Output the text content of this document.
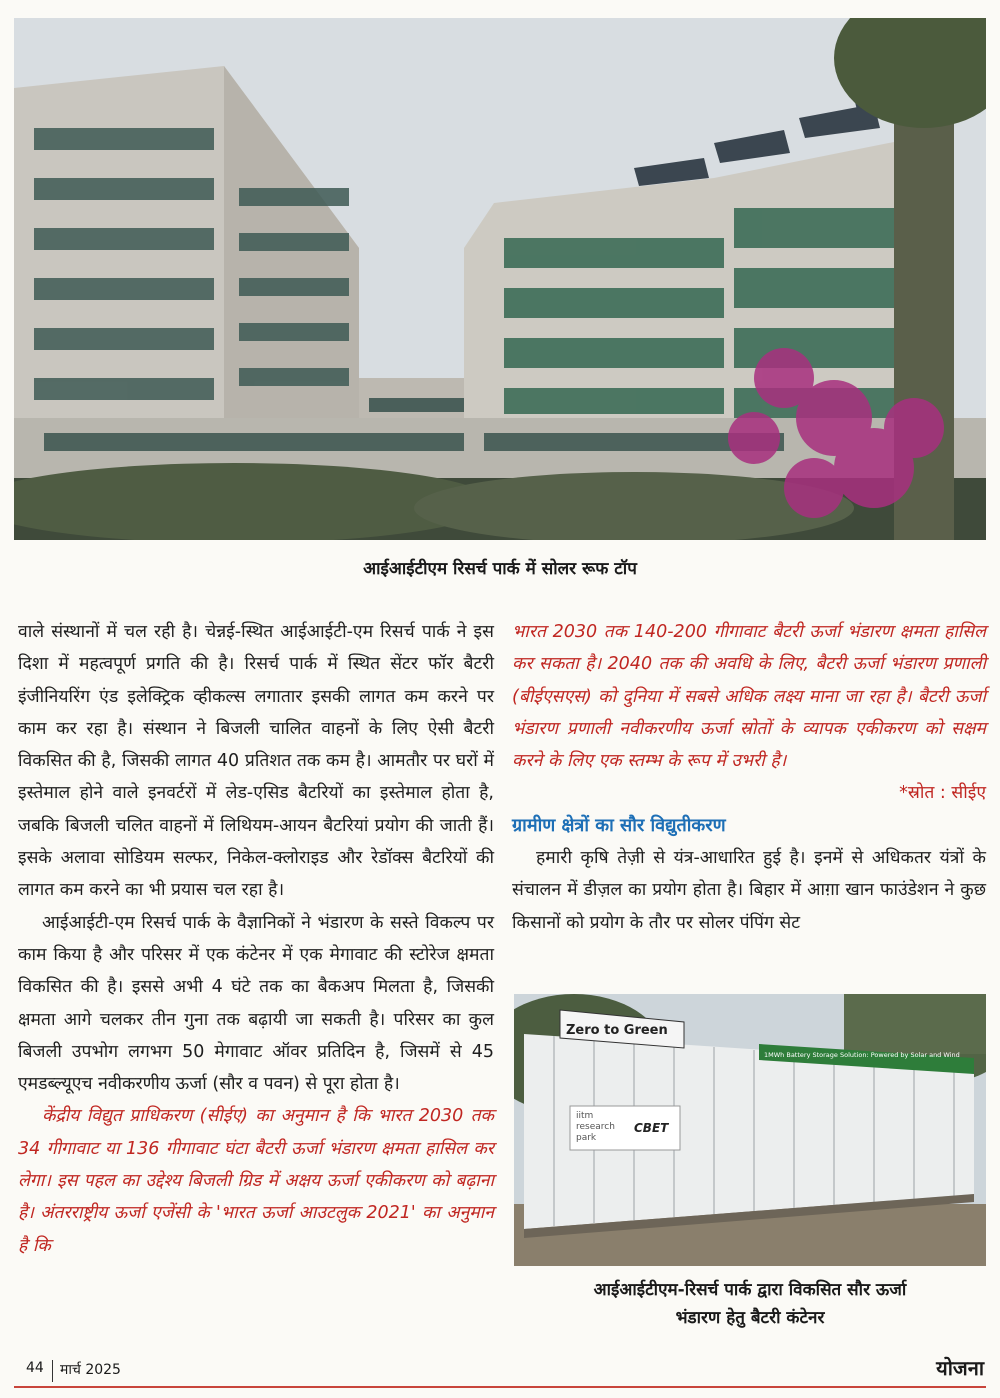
आईआईटीएम रिसर्च पार्क में सोलर रूफ टॉप

वाले संस्थानों में चल रही है। चेन्नई-स्थित आईआईटी-एम रिसर्च पार्क ने इस दिशा में महत्वपूर्ण प्रगति की है। रिसर्च पार्क में स्थित सेंटर फॉर बैटरी इंजीनियरिंग एंड इलेक्ट्रिक व्हीकल्स लगातार इसकी लागत कम करने पर काम कर रहा है। संस्थान ने बिजली चालित वाहनों के लिए ऐसी बैटरी विकसित की है, जिसकी लागत 40 प्रतिशत तक कम है। आमतौर पर घरों में इस्तेमाल होने वाले इनवर्टरों में लेड-एसिड बैटरियों का इस्तेमाल होता है, जबकि बिजली चलित वाहनों में लिथियम-आयन बैटरियां प्रयोग की जाती हैं। इसके अलावा सोडियम सल्फर, निकेल-क्लोराइड और रेडॉक्स बैटरियों की लागत कम करने का भी प्रयास चल रहा है।

आईआईटी-एम रिसर्च पार्क के वैज्ञानिकों ने भंडारण के सस्ते विकल्प पर काम किया है और परिसर में एक कंटेनर में एक मेगावाट की स्टोरेज क्षमता विकसित की है। इससे अभी 4 घंटे तक का बैकअप मिलता है, जिसकी क्षमता आगे चलकर तीन गुना तक बढ़ायी जा सकती है। परिसर का कुल बिजली उपभोग लगभग 50 मेगावाट ऑवर प्रतिदिन है, जिसमें से 45 एमडब्ल्यूएच नवीकरणीय ऊर्जा (सौर व पवन) से पूरा होता है।

केंद्रीय विद्युत प्राधिकरण (सीईए) का अनुमान है कि भारत 2030 तक 34 गीगावाट या 136 गीगावाट घंटा बैटरी ऊर्जा भंडारण क्षमता हासिल कर लेगा। इस पहल का उद्देश्य बिजली ग्रिड में अक्षय ऊर्जा एकीकरण को बढ़ाना है। अंतरराष्ट्रीय ऊर्जा एजेंसी के 'भारत ऊर्जा आउटलुक 2021' का अनुमान है कि

भारत 2030 तक 140-200 गीगावाट बैटरी ऊर्जा भंडारण क्षमता हासिल कर सकता है। 2040 तक की अवधि के लिए, बैटरी ऊर्जा भंडारण प्रणाली (बीईएसएस) को दुनिया में सबसे अधिक लक्ष्य माना जा रहा है। बैटरी ऊर्जा भंडारण प्रणाली नवीकरणीय ऊर्जा स्रोतों के व्यापक एकीकरण को सक्षम करने के लिए एक स्तम्भ के रूप में उभरी है।

*स्रोत : सीईए

ग्रामीण क्षेत्रों का सौर विद्युतीकरण

हमारी कृषि तेज़ी से यंत्र-आधारित हुई है। इनमें से अधिकतर यंत्रों के संचालन में डीज़ल का प्रयोग होता है। बिहार में आग़ा खान फाउंडेशन ने कुछ किसानों को प्रयोग के तौर पर सोलर पंपिंग सेट

Zero to Green
1MWh Battery Storage Solution: Powered by Solar and Wind
iitm
research
park
CBET
आईआईटीएम-रिसर्च पार्क द्वारा विकसित सौर ऊर्जा
भंडारण हेतु बैटरी कंटेनर
44 मार्च 2025	योजना
